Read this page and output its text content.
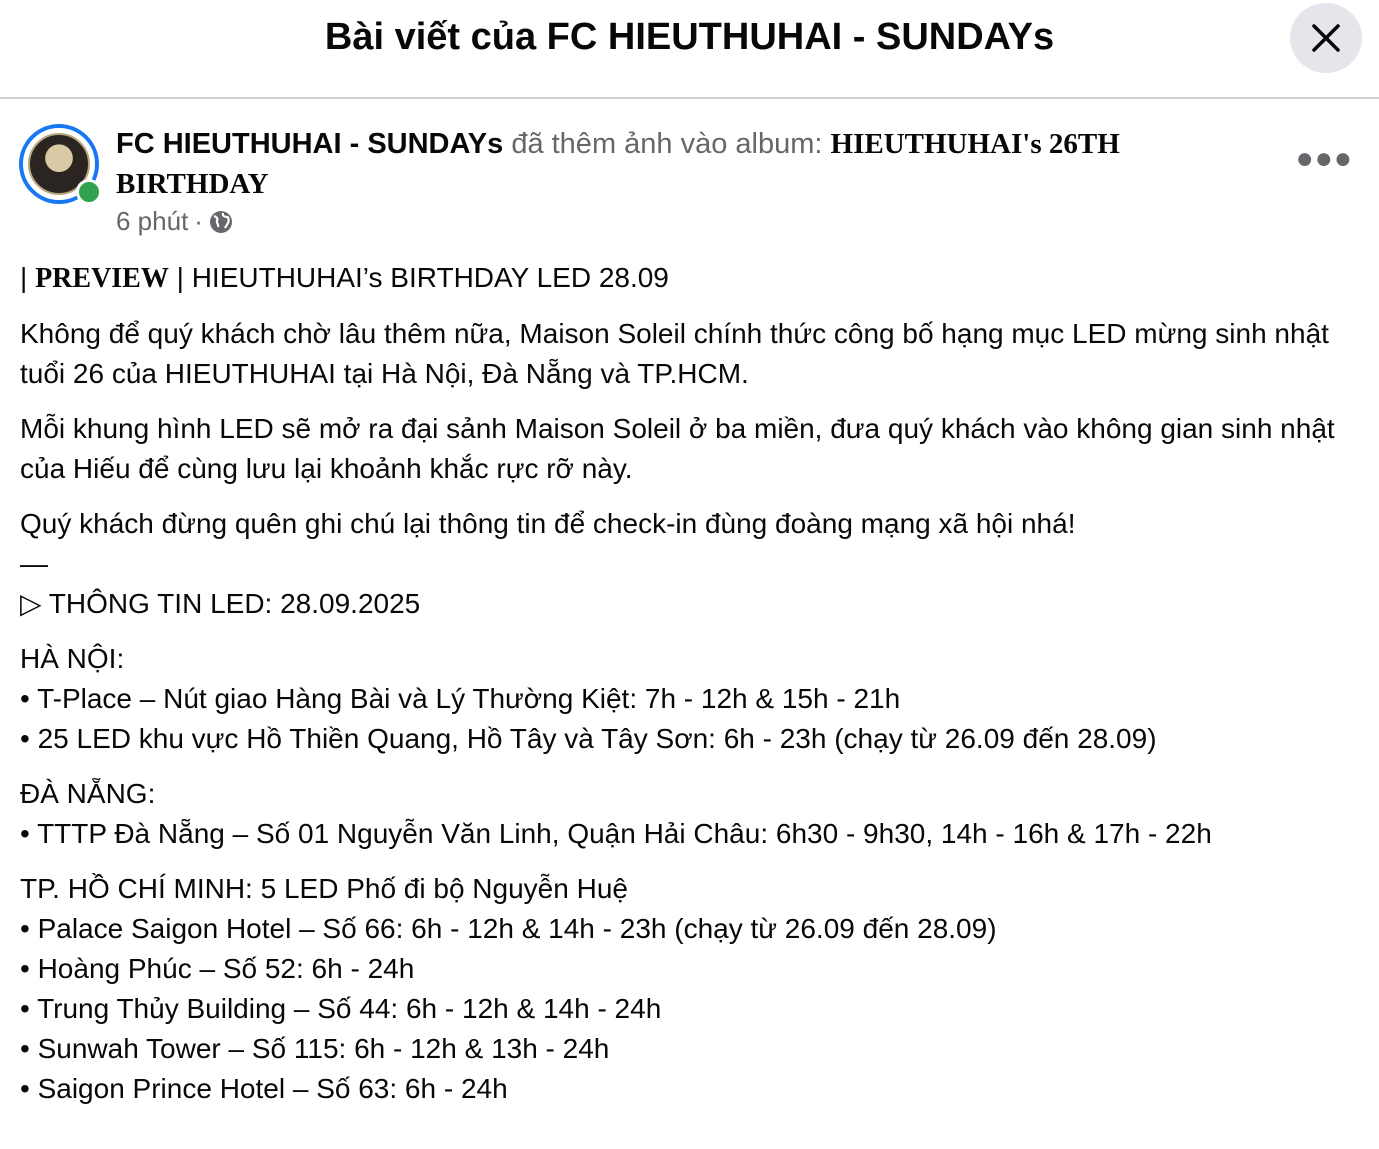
Bài viết của FC HIEUTHUHAI - SUNDAYs
FC HIEUTHUHAI - SUNDAYs đã thêm ảnh vào album: HIEUTHUHAI's 26TH BIRTHDAY
6 phút ·
●●●

| PREVIEW | HIEUTHUHAI’s BIRTHDAY LED 28.09

Không để quý khách chờ lâu thêm nữa, Maison Soleil chính thức công bố hạng mục LED mừng sinh nhật tuổi 26 của HIEUTHUHAI tại Hà Nội, Đà Nẵng và TP.HCM.

Mỗi khung hình LED sẽ mở ra đại sảnh Maison Soleil ở ba miền, đưa quý khách vào không gian sinh nhật của Hiếu để cùng lưu lại khoảnh khắc rực rỡ này.

Quý khách đừng quên ghi chú lại thông tin để check-in đùng đoàng mạng xã hội nhá!

—

▷ THÔNG TIN LED: 28.09.2025

HÀ NỘI:
• T-Place – Nút giao Hàng Bài và Lý Thường Kiệt: 7h - 12h & 15h - 21h
• 25 LED khu vực Hồ Thiền Quang, Hồ Tây và Tây Sơn: 6h - 23h (chạy từ 26.09 đến 28.09)
ĐÀ NẴNG:
• TTTP Đà Nẵng – Số 01 Nguyễn Văn Linh, Quận Hải Châu: 6h30 - 9h30, 14h - 16h & 17h - 22h
TP. HỒ CHÍ MINH: 5 LED Phố đi bộ Nguyễn Huệ
• Palace Saigon Hotel – Số 66: 6h - 12h & 14h - 23h (chạy từ 26.09 đến 28.09)
• Hoàng Phúc – Số 52: 6h - 24h
• Trung Thủy Building – Số 44: 6h - 12h & 14h - 24h
• Sunwah Tower – Số 115: 6h - 12h & 13h - 24h
• Saigon Prince Hotel – Số 63: 6h - 24h
